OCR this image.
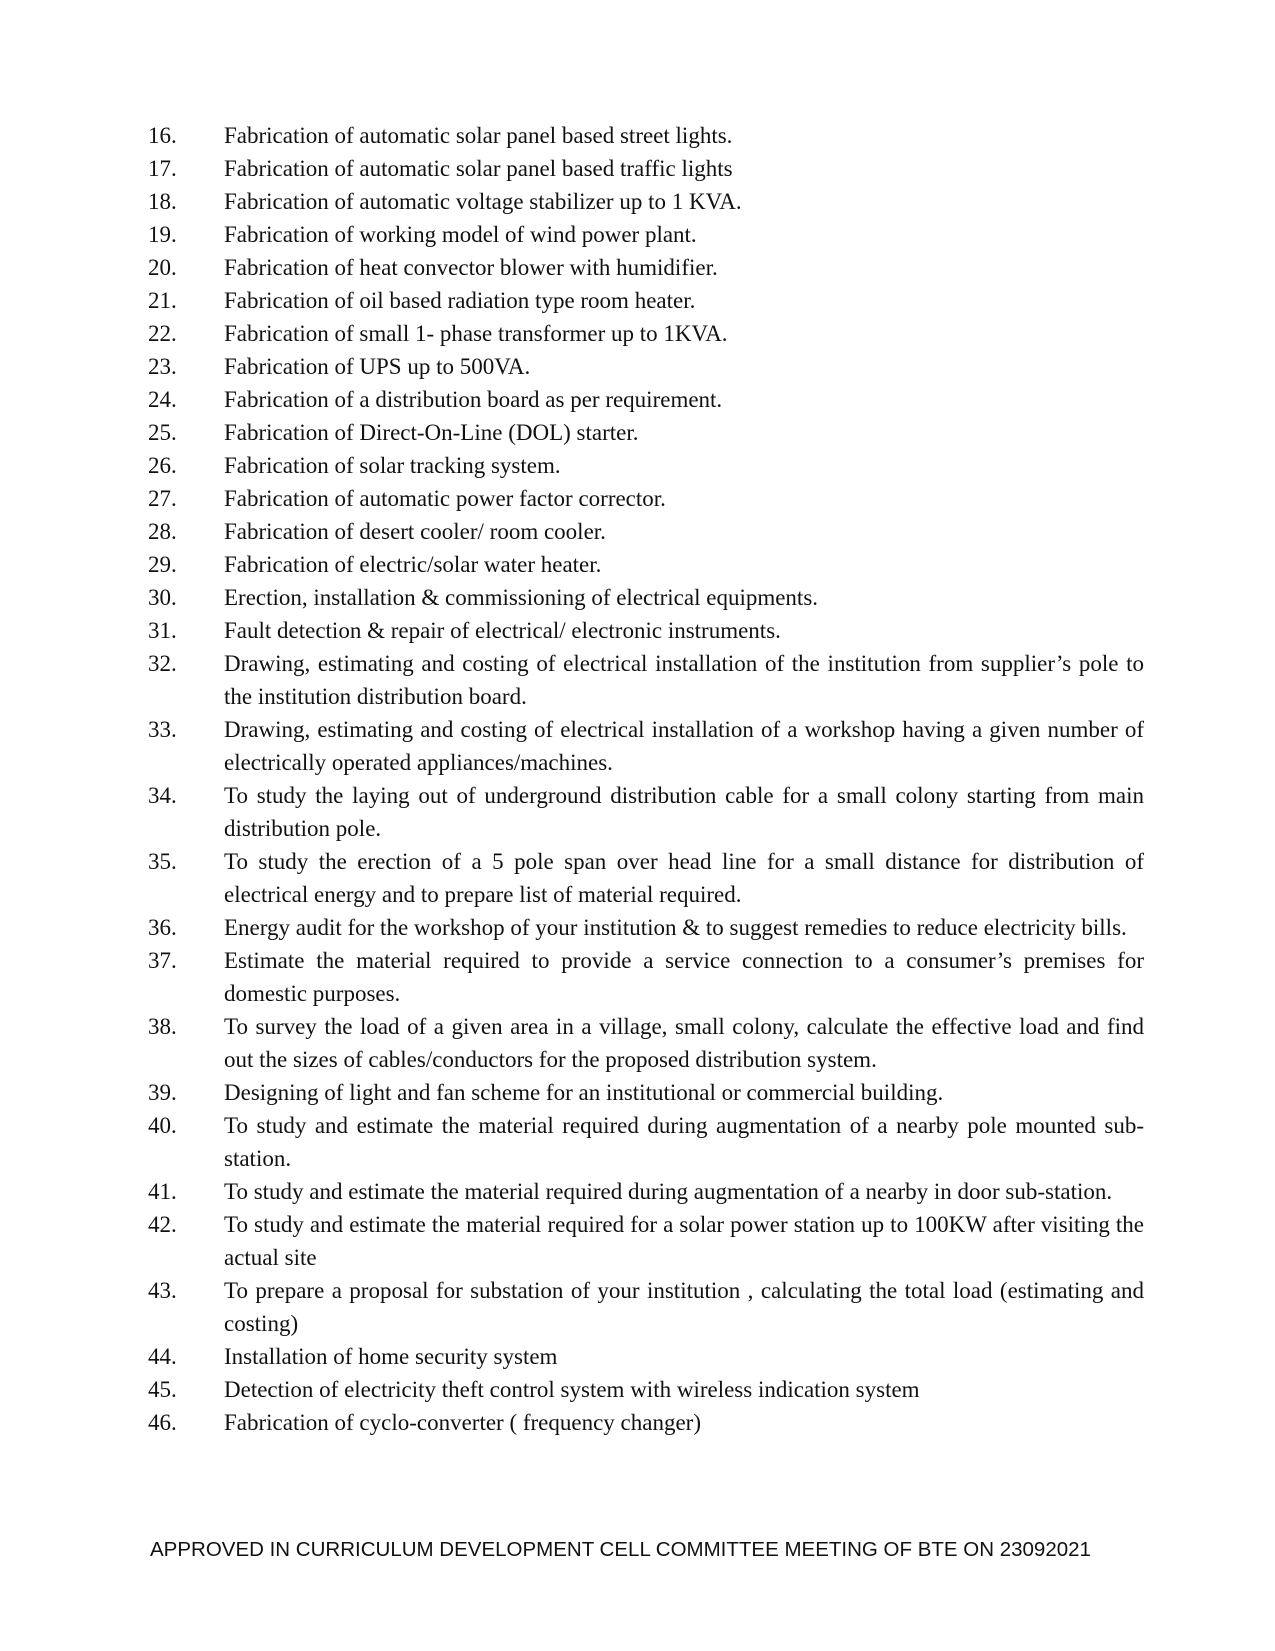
16.	Fabrication of automatic solar panel based street lights.
17.	Fabrication of automatic solar panel based traffic lights
18.	Fabrication of automatic voltage stabilizer up to 1 KVA.
19.	Fabrication of working model of wind power plant.
20.	Fabrication of heat convector blower with humidifier.
21.	Fabrication of oil based radiation type room heater.
22.	Fabrication of small 1- phase transformer up to 1KVA.
23.	Fabrication of UPS up to 500VA.
24.	Fabrication of a distribution board as per requirement.
25.	Fabrication of Direct-On-Line (DOL) starter.
26.	Fabrication of solar tracking system.
27.	Fabrication of automatic power factor corrector.
28.	Fabrication of desert cooler/ room cooler.
29.	Fabrication of electric/solar water heater.
30.	Erection, installation & commissioning of electrical equipments.
31.	Fault detection & repair of electrical/ electronic instruments.
32.	Drawing, estimating and costing of electrical installation of the institution from supplier’s pole to the institution distribution board.
33.	Drawing, estimating and costing of electrical installation of a workshop having a given number of electrically operated appliances/machines.
34.	To study the laying out of underground distribution cable for a small colony starting from main distribution pole.
35.	To study the erection of a 5 pole span over head line for a small distance for distribution of electrical energy and to prepare list of material required.
36.	Energy audit for the workshop of your institution & to suggest remedies to reduce electricity bills.
37.	Estimate the material required to provide a service connection to a consumer’s premises for domestic purposes.
38.	To survey the load of a given area in a village, small colony, calculate the effective load and find out the sizes of cables/conductors for the proposed distribution system.
39.	Designing of light and fan scheme for an institutional or commercial building.
40.	To study and estimate the material required during augmentation of a nearby pole mounted sub-station.
41.	To study and estimate the material required during augmentation of a nearby in door sub-station.
42.	To study and estimate the material required for a solar power station up to 100KW after visiting the actual site
43.	To prepare a proposal for substation of your institution , calculating the total load (estimating and costing)
44.	Installation of home security system
45.	Detection of electricity theft control system with wireless indication system
46.	Fabrication of cyclo-converter ( frequency changer)
APPROVED IN CURRICULUM DEVELOPMENT CELL COMMITTEE MEETING OF BTE ON 23092021
